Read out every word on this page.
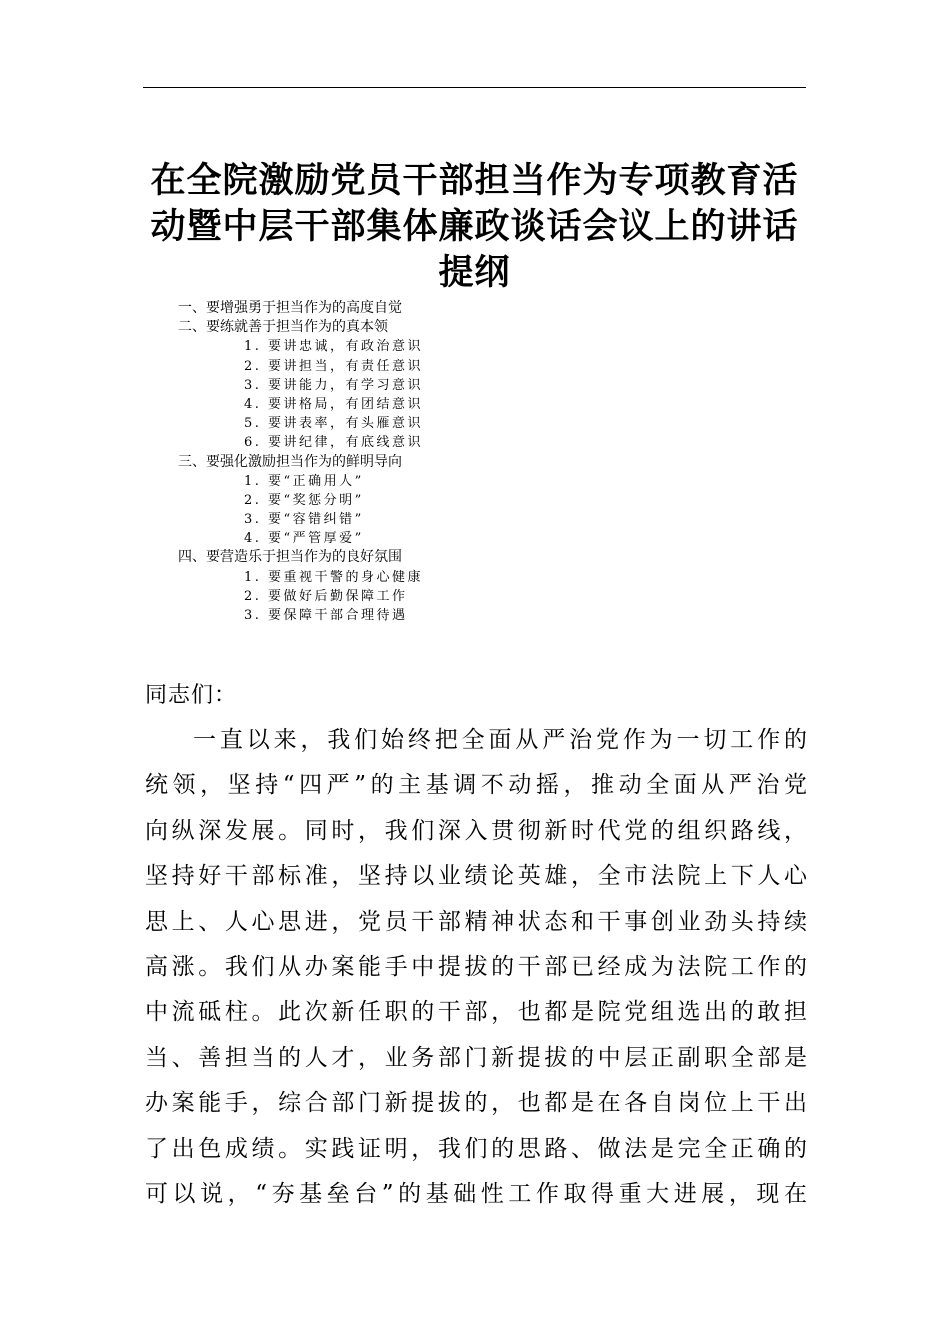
在全院激励党员干部担当作为专项教育活
动暨中层干部集体廉政谈话会议上的讲话
提纲
一、要增强勇于担当作为的高度自觉
二、要练就善于担当作为的真本领
1. 要讲忠诚，有政治意识
2. 要讲担当，有责任意识
3. 要讲能力，有学习意识
4. 要讲格局，有团结意识
5. 要讲表率，有头雁意识
6. 要讲纪律，有底线意识
三、要强化激励担当作为的鲜明导向
1. 要“正确用人”
2. 要“奖惩分明”
3. 要“容错纠错”
4. 要“严管厚爱”
四、要营造乐于担当作为的良好氛围
1. 要重视干警的身心健康
2. 要做好后勤保障工作
3. 要保障干部合理待遇

同志们：

一直以来，我们始终把全面从严治党作为一切工作的
统领，坚持“四严”的主基调不动摇，推动全面从严治党
向纵深发展。同时，我们深入贯彻新时代党的组织路线，
坚持好干部标准，坚持以业绩论英雄，全市法院上下人心
思上、人心思进，党员干部精神状态和干事创业劲头持续
高涨。我们从办案能手中提拔的干部已经成为法院工作的
中流砥柱。此次新任职的干部，也都是院党组选出的敢担
当、善担当的人才，业务部门新提拔的中层正副职全部是
办案能手，综合部门新提拔的，也都是在各自岗位上干出
了出色成绩。实践证明，我们的思路、做法是完全正确的
可以说，“夯基垒台”的基础性工作取得重大进展，现在
